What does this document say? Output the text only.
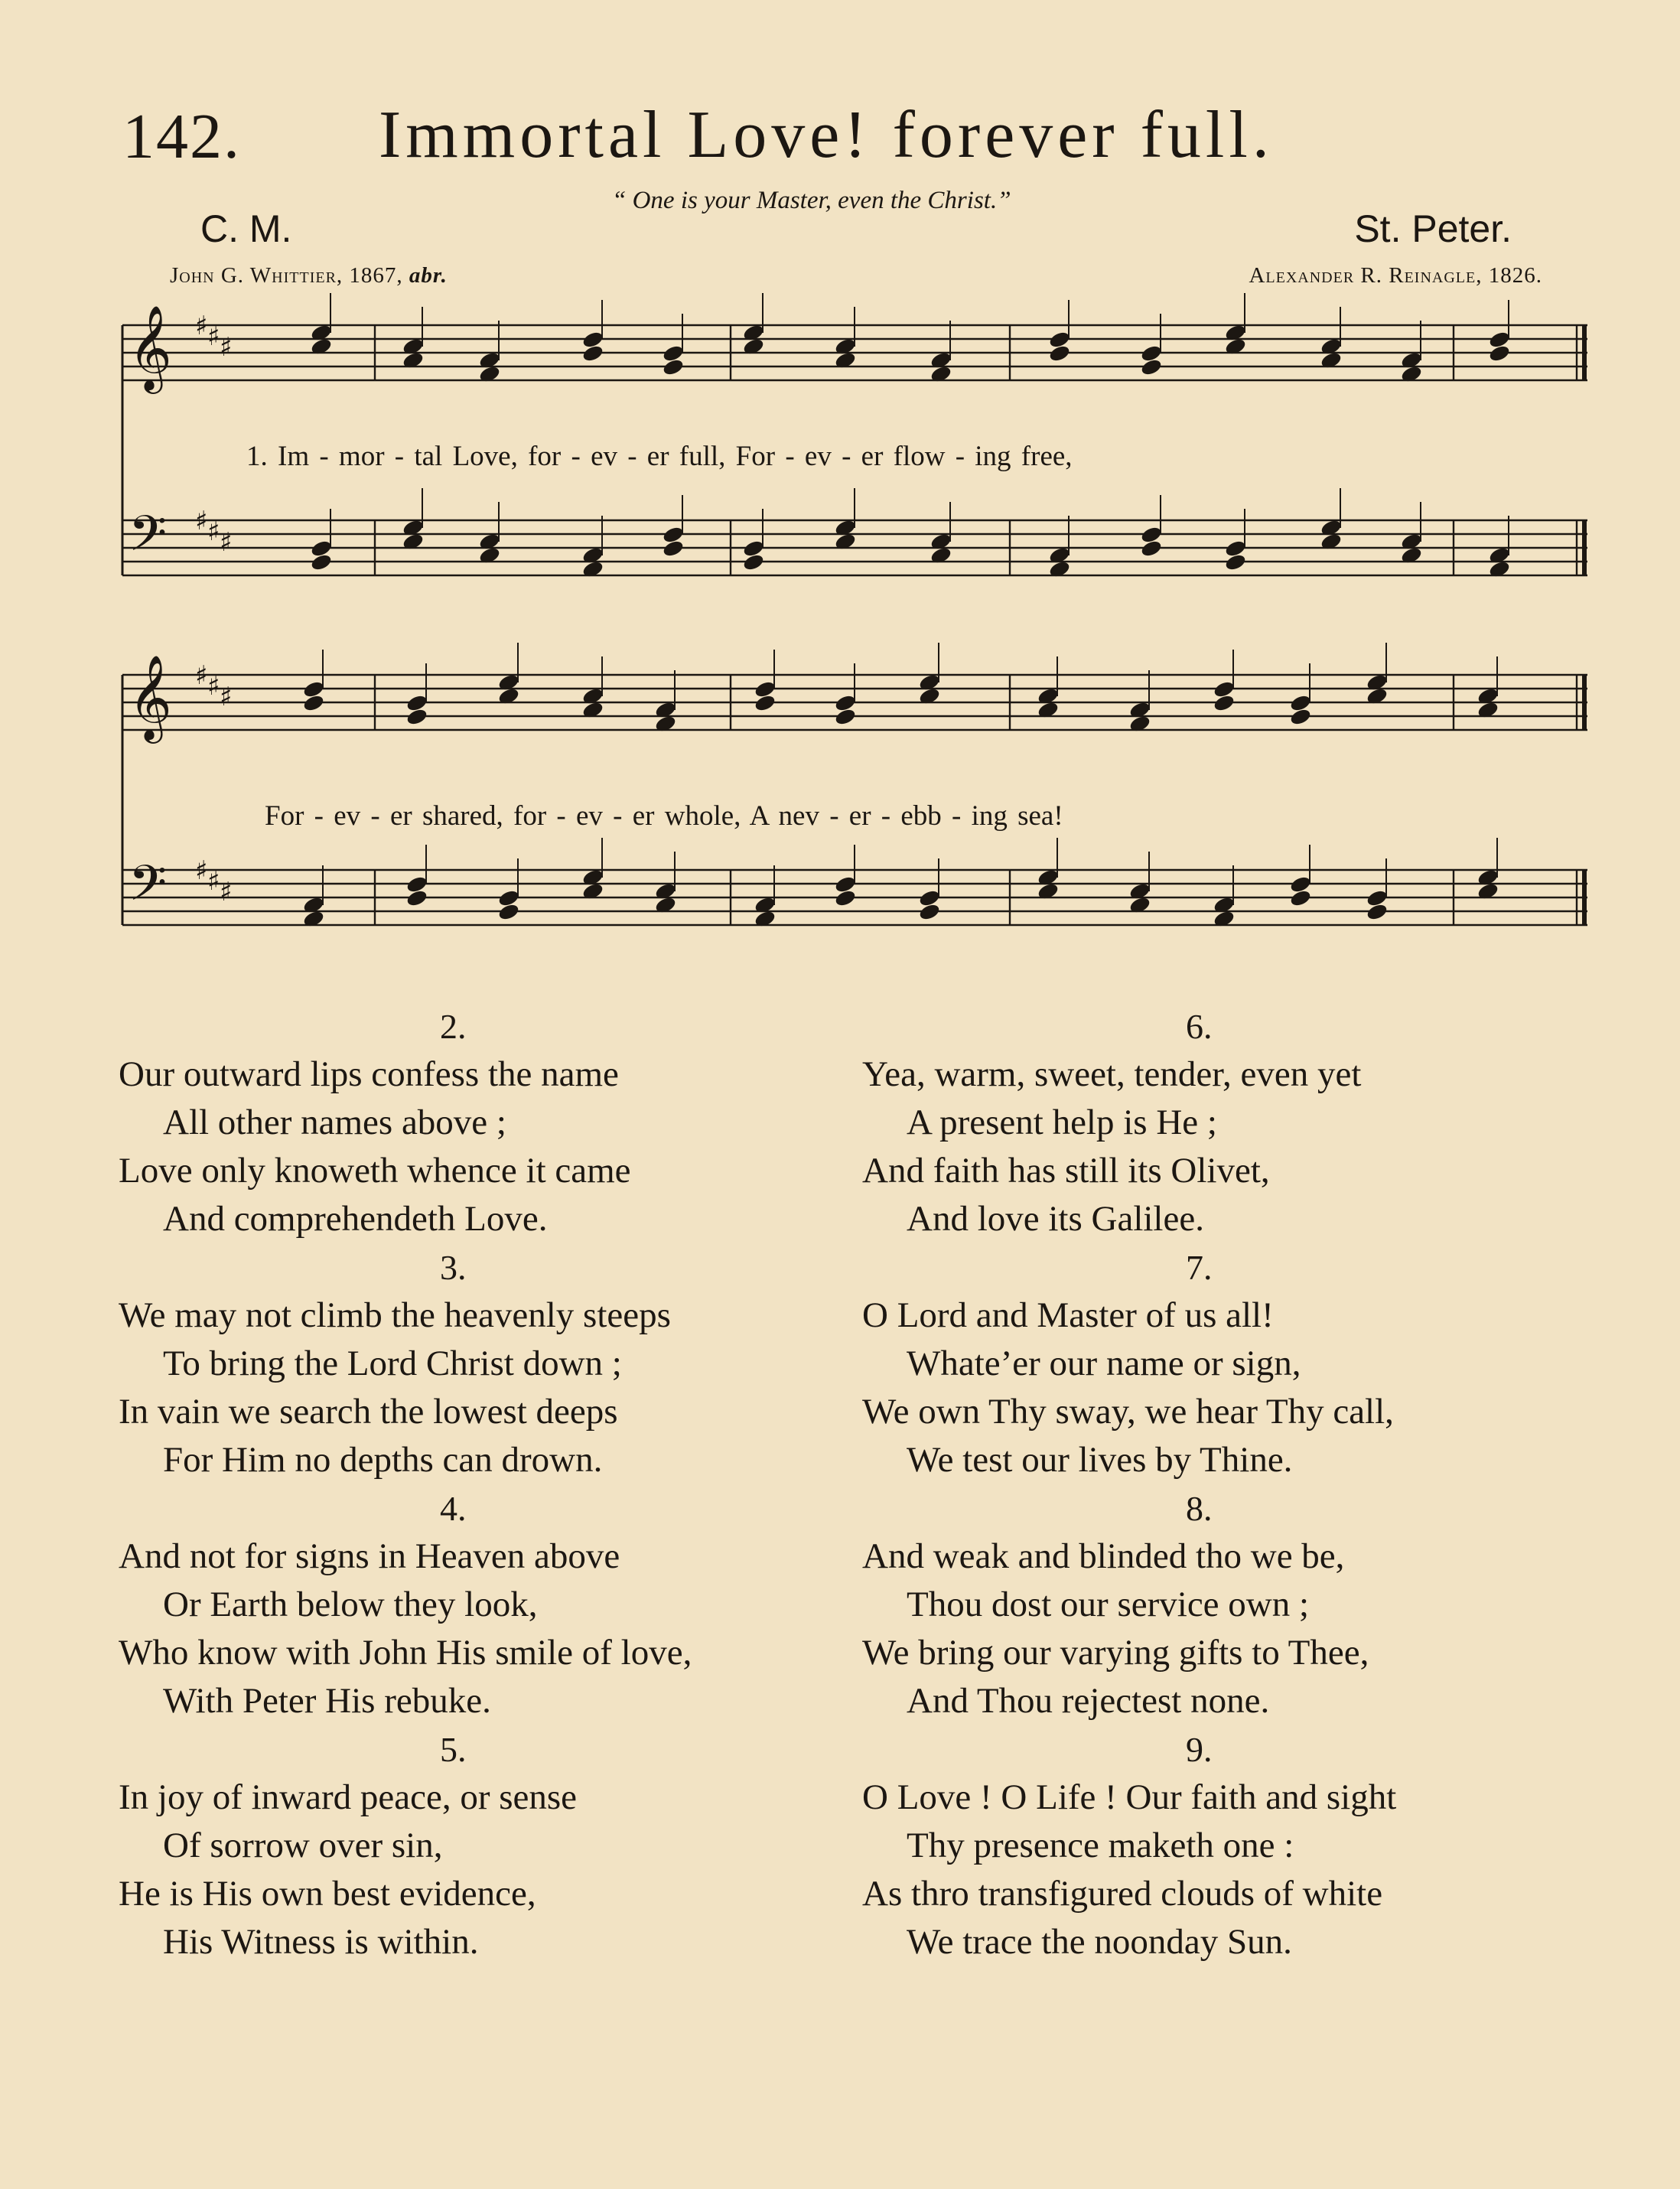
142. Immortal Love! forever full.
“ One is your Master, even the Christ.”
C. M.	St. Peter.
John G. Whittier, 1867, abr.	Alexander R. Reinagle, 1826.
𝄞 ♯ ♯ ♯
𝄢 ♯ ♯ ♯
𝄞 ♯ ♯ ♯
𝄢 ♯ ♯ ♯
1. Im - mor - tal Love, for - ev - er full, For - ev - er flow - ing free,
For - ev - er shared, for - ev - er whole, A nev - er - ebb - ing sea!
2.
Our outward lips confess the name
All other names above ;
Love only knoweth whence it came
And comprehendeth Love.
3.
We may not climb the heavenly steeps
To bring the Lord Christ down ;
In vain we search the lowest deeps
For Him no depths can drown.
4.
And not for signs in Heaven above
Or Earth below they look,
Who know with John His smile of love,
With Peter His rebuke.
5.
In joy of inward peace, or sense
Of sorrow over sin,
He is His own best evidence,
His Witness is within.
6.
Yea, warm, sweet, tender, even yet
A present help is He ;
And faith has still its Olivet,
And love its Galilee.
7.
O Lord and Master of us all!
Whate’er our name or sign,
We own Thy sway, we hear Thy call,
We test our lives by Thine.
8.
And weak and blinded tho we be,
Thou dost our service own ;
We bring our varying gifts to Thee,
And Thou rejectest none.
9.
O Love ! O Life ! Our faith and sight
Thy presence maketh one :
As thro transfigured clouds of white
We trace the noonday Sun.
